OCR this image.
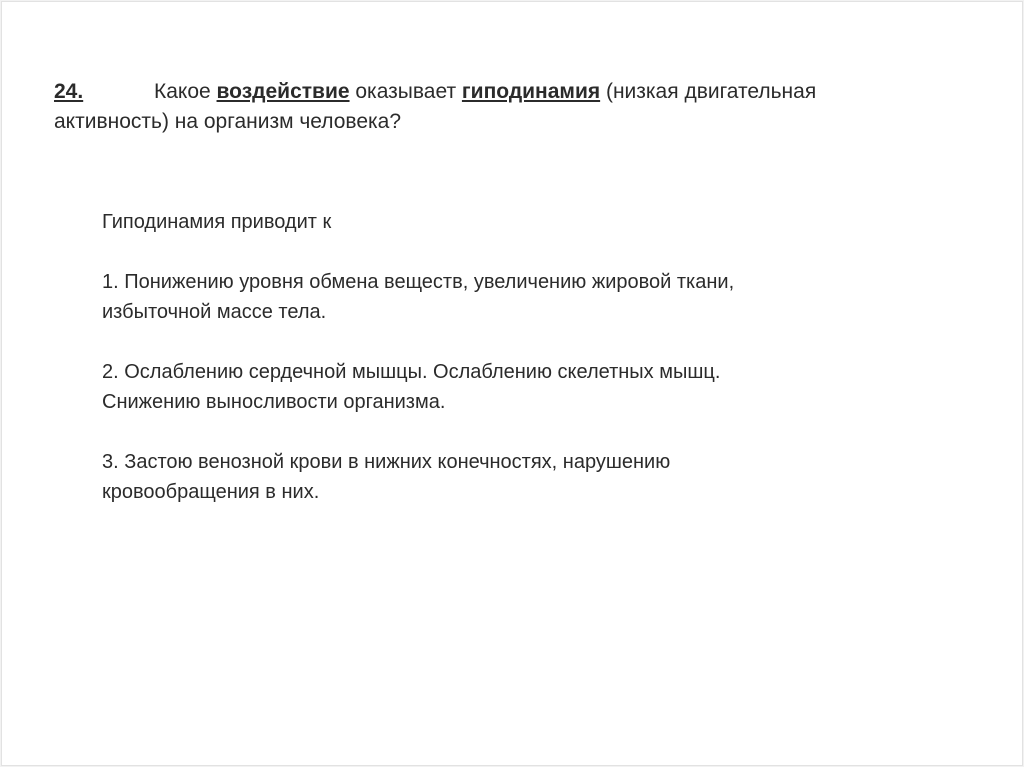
24.	Какое воздействие оказывает гиподинамия (низкая двигательная активность) на организм человека?

Гиподинамия приводит к

1. Понижению уровня обмена веществ, увеличению жировой ткани,

избыточной массе тела.

2. Ослаблению сердечной мышцы. Ослаблению скелетных мышц.

Снижению выносливости организма.

3. Застою венозной крови в нижних конечностях, нарушению

кровообращения в них.
